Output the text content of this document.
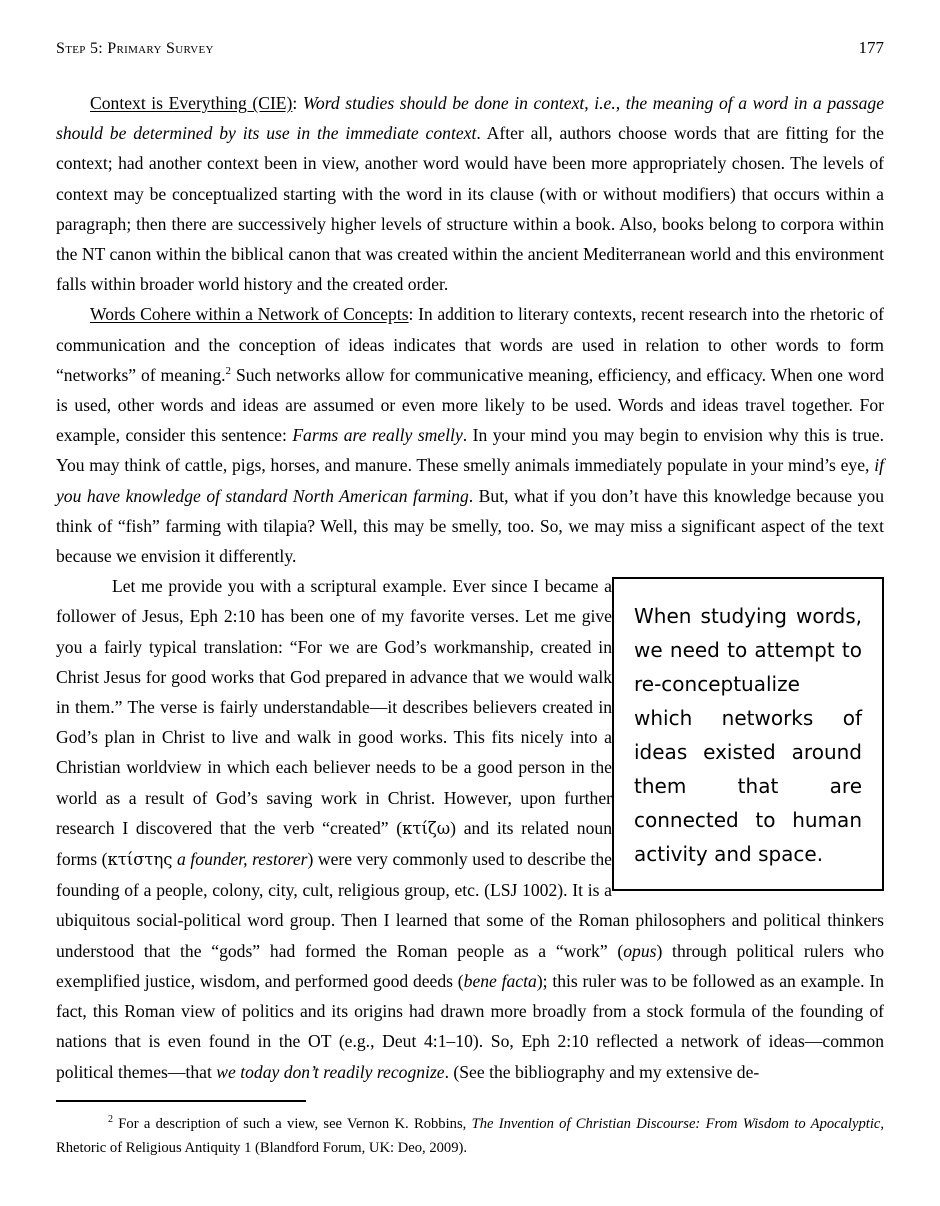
Step 5: Primary Survey	177

Context is Everything (CIE): Word studies should be done in context, i.e., the meaning of a word in a passage should be determined by its use in the immediate context. After all, authors choose words that are fitting for the context; had another context been in view, another word would have been more appropriately chosen. The levels of context may be conceptualized starting with the word in its clause (with or without modifiers) that occurs within a paragraph; then there are successively higher levels of structure within a book. Also, books belong to corpora within the NT canon within the biblical canon that was created within the ancient Mediterranean world and this environment falls within broader world history and the created order.

Words Cohere within a Network of Concepts: In addition to literary contexts, recent research into the rhetoric of communication and the conception of ideas indicates that words are used in relation to other words to form “networks” of meaning.$^2$ Such networks allow for communicative meaning, efficiency, and efficacy. When one word is used, other words and ideas are assumed or even more likely to be used. Words and ideas travel together. For example, consider this sentence: Farms are really smelly. In your mind you may begin to envision why this is true. You may think of cattle, pigs, horses, and manure. These smelly animals immediately populate in your mind’s eye, if you have knowledge of standard North American farming. But, what if you don’t have this knowledge because you think of “fish” farming with tilapia? Well, this may be smelly, too. So, we may miss a significant aspect of the text because we envision it differently.

When studying words, we need to attempt to re-conceptualize which networks of ideas existed around them that are connected to human activity and space.

Let me provide you with a scriptural example. Ever since I became a follower of Jesus, Eph 2:10 has been one of my favorite verses. Let me give you a fairly typical translation: “For we are God’s workmanship, created in Christ Jesus for good works that God prepared in advance that we would walk in them.” The verse is fairly understandable—it describes believers created in God’s plan in Christ to live and walk in good works. This fits nicely into a Christian worldview in which each believer needs to be a good person in the world as a result of God’s saving work in Christ. However, upon further research I discovered that the verb “created” (κτίζω) and its related noun forms (κτίστης a founder, restorer) were very commonly used to describe the founding of a people, colony, city, cult, religious group, etc. (LSJ 1002). It is a ubiquitous social-political word group. Then I learned that some of the Roman philosophers and political thinkers understood that the “gods” had formed the Roman people as a “work” (opus) through political rulers who exemplified justice, wisdom, and performed good deeds (bene facta); this ruler was to be followed as an example. In fact, this Roman view of politics and its origins had drawn more broadly from a stock formula of the founding of nations that is even found in the OT (e.g., Deut 4:1–10). So, Eph 2:10 reflected a network of ideas—common political themes—that we today don’t readily recognize. (See the bibliography and my extensive de-

$^2$ For a description of such a view, see Vernon K. Robbins, The Invention of Christian Discourse: From Wisdom to Apocalyptic, Rhetoric of Religious Antiquity 1 (Blandford Forum, UK: Deo, 2009).
